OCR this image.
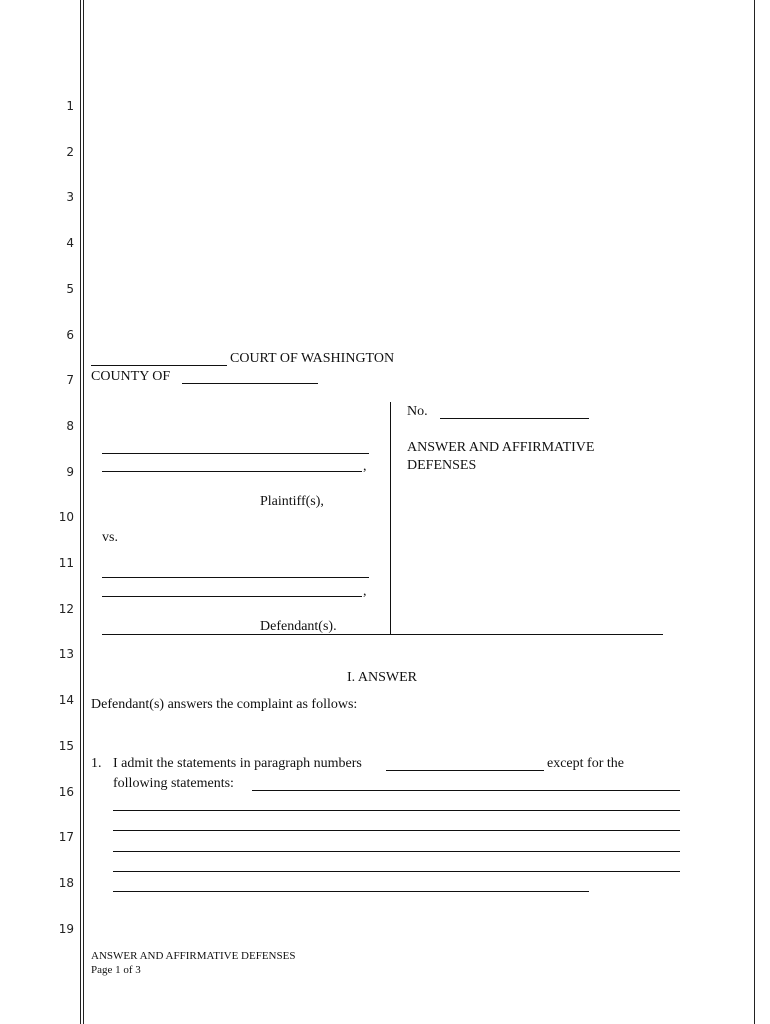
1
2
3
4
5
6
7
8
9
10
11
12
13
14
15
16
17
18
19
COURT OF WASHINGTON
COUNTY OF
,
Plaintiff(s),
vs.
,
Defendant(s).
No.
ANSWER AND AFFIRMATIVE
DEFENSES
I. ANSWER
Defendant(s) answers the complaint as follows:
1. I admit the statements in paragraph numbers	except for the
following statements:
ANSWER AND AFFIRMATIVE DEFENSES
Page 1 of 3
